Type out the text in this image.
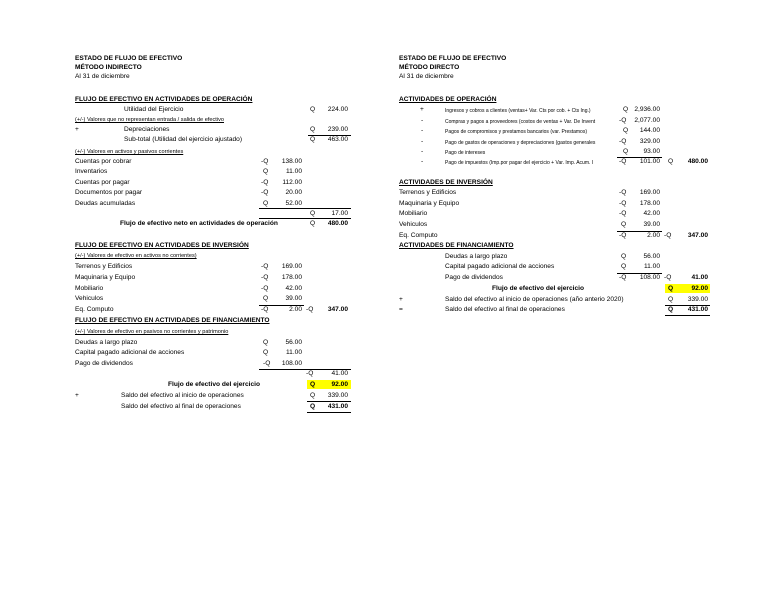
ESTADO DE FLUJO DE EFECTIVO
MÉTODO INDIRECTO
Al 31 de diciembre
FLUJO DE EFECTIVO EN ACTIVIDADES DE OPERACIÓN
Utilidad del Ejercicio	Q	224.00
(+/-) Valores que no representan entrada / salida de efectivo
+	Depreciaciones	Q	239.00
Sub-total (Utilidad del ejercicio ajustado)	Q	463.00
(+/-) Valores en activos y pasivos corrientes
Cuentas por cobrar	-Q	138.00
Inventarios	Q	11.00
Cuentas por pagar	-Q	112.00
Documentos por pagar	-Q	20.00
Deudas acumuladas	Q	52.00
Q	17.00
Flujo de efectivo neto en actividades de operación	Q	480.00
FLUJO DE EFECTIVO EN ACTIVIDADES DE INVERSIÓN
(+/-) Valores de efectivo en activos no corrientes)
Terrenos y Edificios	-Q	169.00
Maquinaria y Equipo	-Q	178.00
Mobiliario	-Q	42.00
Vehiculos	Q	39.00
Eq. Computo	-Q	2.00 -Q	347.00
FLUJO DE EFECTIVO EN ACTIVIDADES DE FINANCIAMIENTO
(+/-) Valores de efectivo en pasivos no corrientes y patrimonio
Deudas a largo plazo	Q	56.00
Capital pagado adicional de acciones	Q	11.00
Pago de dividendos	-Q	108.00
-Q	41.00
Flujo de efectivo del ejercicio	Q	92.00
+	Saldo del efectivo al inicio de operaciones	Q	339.00
Saldo del efectivo al final de operaciones	Q	431.00
ESTADO DE FLUJO DE EFECTIVO
MÉTODO DIRECTO
Al 31 de diciembre
ACTIVIDADES DE OPERACIÓN
+	Ingresos y cobros a clientes (ventas+ Var. Cts por cob. + Cts Ing.)	Q 2,936.00
-	Compras y pagos a proveedores (costos de ventas + Var. De Invent	-Q	2,077.00
-	Pagos de compromisos y prestamos bancarios (var. Prestamos)	Q	144.00
-	Pago de gastos de operaciones y depreciaciones (gastos generales	-Q	329.00
-	Pago de intereses	Q	93.00
-	Pago de impuestos (Imp.por pagar del ejercicio + Var. Imp. Acum. I	-Q	101.00 Q	480.00
ACTIVIDADES DE INVERSIÓN
Terrenos y Edificios	-Q	169.00
Maquinaria y Equipo	-Q	178.00
Mobiliario	-Q	42.00
Vehiculos	Q	39.00
Eq. Computo	-Q	2.00 -Q	347.00
ACTIVIDADES DE FINANCIAMIENTO
Deudas a largo plazo	Q	56.00
Capital pagado adicional de acciones	Q	11.00
Pago de dividendos	-Q	108.00 -Q	41.00
Flujo de efectivo del ejercicio	Q	92.00
+	Saldo del efectivo al inicio de operaciones (año anterio 2020)	Q	339.00
=	Saldo del efectivo al final de operaciones	Q	431.00
